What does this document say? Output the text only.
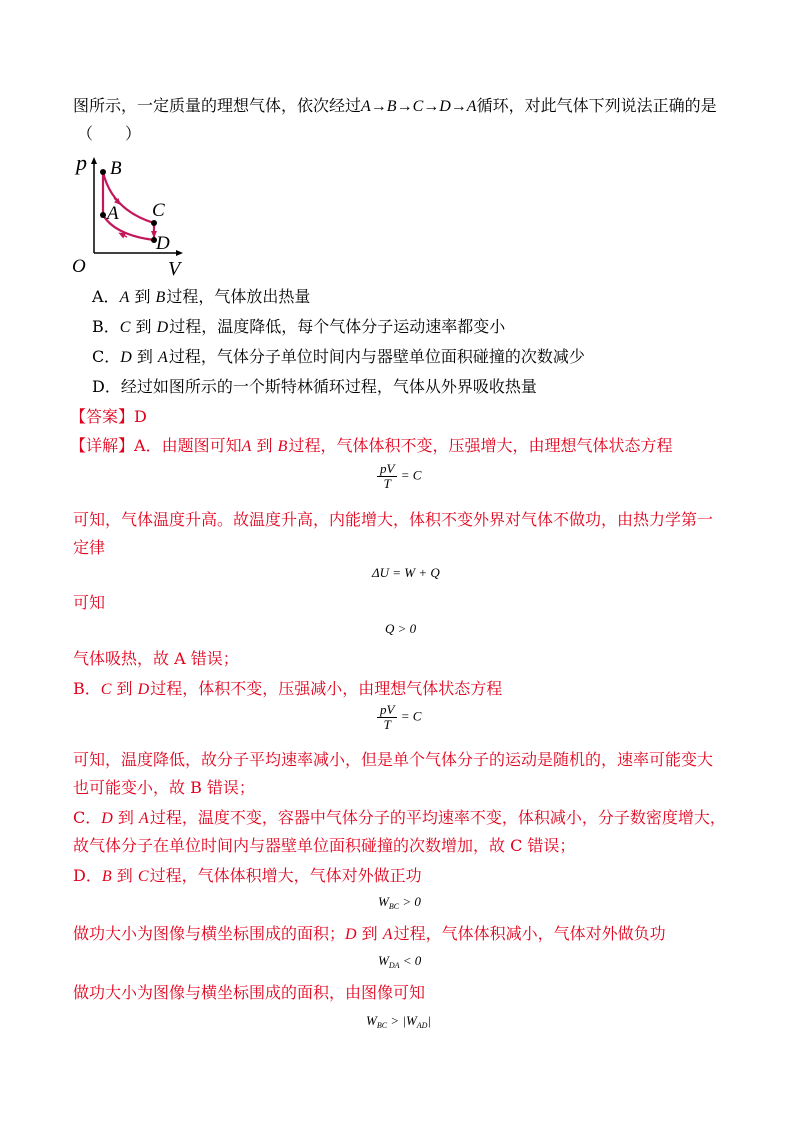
图所示，一定质量的理想气体，依次经过A→B→C→D→A循环，对此气体下列说法正确的是
（　　）
p B
A C
D
O	V
A．A 到 B 过程，气体放出热量
B．C 到 D 过程，温度降低，每个气体分子运动速率都变小
C．D 到 A 过程，气体分子单位时间内与器壁单位面积碰撞的次数减少
D．经过如图所示的一个斯特林循环过程，气体从外界吸收热量
【答案】D
【详解】A．由题图可知A 到 B 过程，气体体积不变，压强增大，由理想气体状态方程
$\frac{pV}{T} = C$
可知，气体温度升高。故温度升高，内能增大，体积不变外界对气体不做功，由热力学第一
定律
ΔU = W + Q
可知
Q > 0
气体吸热，故 A 错误；
B．C 到 D 过程，体积不变，压强减小，由理想气体状态方程
$\frac{pV}{T} = C$
可知，温度降低，故分子平均速率减小，但是单个气体分子的运动是随机的，速率可能变大
也可能变小，故 B 错误；
C．D 到 A 过程，温度不变，容器中气体分子的平均速率不变，体积减小，分子数密度增大，
故气体分子在单位时间内与器壁单位面积碰撞的次数增加，故 C 错误；
D．B 到 C 过程，气体体积增大，气体对外做正功
$W_{BC} > 0$
做功大小为图像与横坐标围成的面积；D 到 A 过程，气体体积减小，气体对外做负功
$W_{DA} < 0$
做功大小为图像与横坐标围成的面积，由图像可知
$W_{BC} > |W_{AD}|$
